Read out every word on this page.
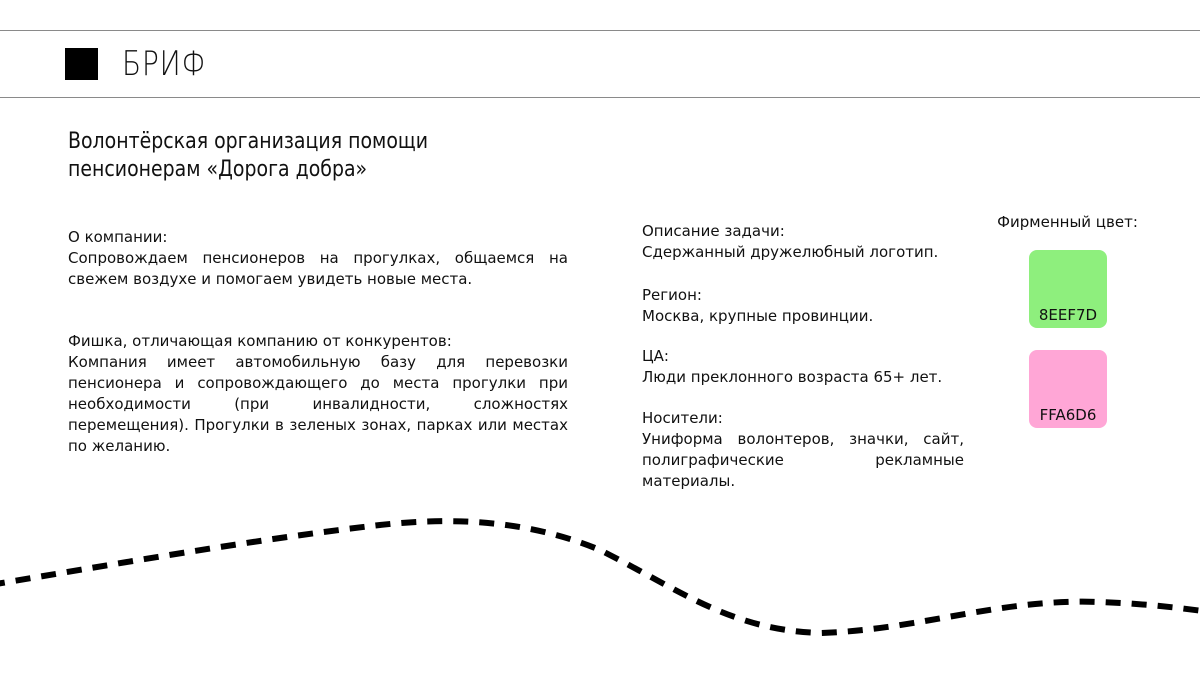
БРИФ
Волонтёрская организация помощи
пенсионерам «Дорога добра»
О компании:
Сопровождаем пенсионеров на прогулках, общаемся на свежем воздухе и помогаем увидеть новые места.
Фишка, отличающая компанию от конкурентов:
Компания имеет автомобильную базу для перевозки пенсионера и сопровождающего до места прогулки при необходимости (при инвалидности, сложностях перемещения). Прогулки в зеленых зонах, парках или местах по желанию.
Описание задачи:
Сдержанный дружелюбный логотип.
Регион:
Москва, крупные провинции.
ЦА:
Люди преклонного возраста 65+ лет.
Носители:
Униформа волонтеров, значки, сайт, полиграфические рекламные материалы.
Фирменный цвет:
8EEF7D
FFA6D6
